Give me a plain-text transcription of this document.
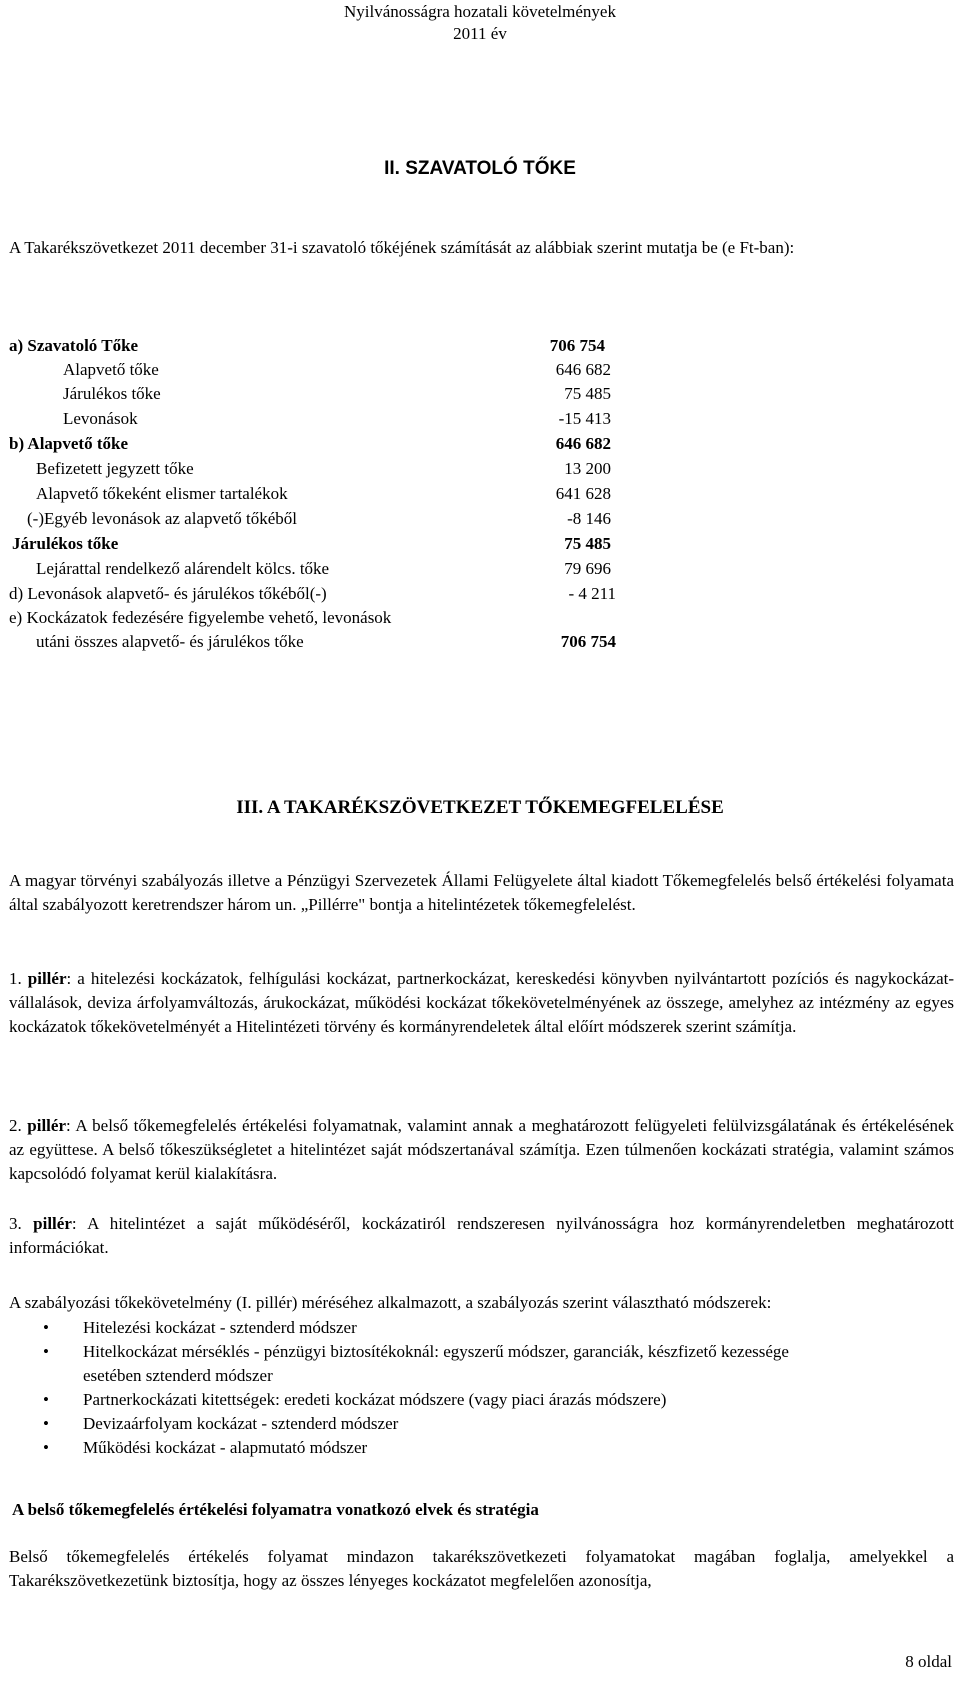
Nyilvánosságra hozatali követelmények
2011 év
II. SZAVATOLÓ TŐKE
A Takarékszövetkezet 2011 december 31-i szavatoló tőkéjének számítását az alábbiak szerint mutatja be (e Ft-ban):
a) Szavatoló Tőke	706 754
Alapvető tőke	646 682
Járulékos tőke	75 485
Levonások	-15 413
b) Alapvető tőke	646 682
Befizetett jegyzett tőke	13 200
Alapvető tőkeként elismer tartalékok	641 628
(-)Egyéb levonások az alapvető tőkéből	-8 146
Járulékos tőke	75 485
Lejárattal rendelkező alárendelt kölcs. tőke	79 696
d) Levonások alapvető- és járulékos tőkéből(-)	- 4 211
e) Kockázatok fedezésére figyelembe vehető, levonások
utáni összes alapvető- és járulékos tőke	706 754
III. A TAKARÉKSZÖVETKEZET TŐKEMEGFELELÉSE
A magyar törvényi szabályozás illetve a Pénzügyi Szervezetek Állami Felügyelete által kiadott Tőkemegfelelés belső értékelési folyamata által szabályozott keretrendszer három un. „Pillérre" bontja a hitelintézetek tőkemegfelelést.
1. pillér: a hitelezési kockázatok, felhígulási kockázat, partnerkockázat, kereskedési könyvben nyilvántartott pozíciós és nagykockázat-vállalások, deviza árfolyamváltozás, árukockázat, működési kockázat tőkekövetelményének az összege, amelyhez az intézmény az egyes kockázatok tőkekövetelményét a Hitelintézeti törvény és kormányrendeletek által előírt módszerek szerint számítja.
2. pillér: A belső tőkemegfelelés értékelési folyamatnak, valamint annak a meghatározott felügyeleti felülvizsgálatának és értékelésének az együttese. A belső tőkeszükségletet a hitelintézet saját módszertanával számítja. Ezen túlmenően kockázati stratégia, valamint számos kapcsolódó folyamat kerül kialakításra.
3. pillér: A hitelintézet a saját működéséről, kockázatiról rendszeresen nyilvánosságra hoz kormányrendeletben meghatározott információkat.
A szabályozási tőkekövetelmény (I. pillér) méréséhez alkalmazott, a szabályozás szerint választható módszerek:
• Hitelezési kockázat - sztenderd módszer
• Hitelkockázat mérséklés - pénzügyi biztosítékoknál: egyszerű módszer, garanciák, készfizető kezessége esetében sztenderd módszer
• Partnerkockázati kitettségek: eredeti kockázat módszere (vagy piaci árazás módszere)
• Devizaárfolyam kockázat - sztenderd módszer
• Működési kockázat - alapmutató módszer
A belső tőkemegfelelés értékelési folyamatra vonatkozó elvek és stratégia
Belső tőkemegfelelés értékelés folyamat mindazon takarékszövetkezeti folyamatokat magában foglalja, amelyekkel a Takarékszövetkezetünk biztosítja, hogy az összes lényeges kockázatot megfelelően azonosítja,
8 oldal
